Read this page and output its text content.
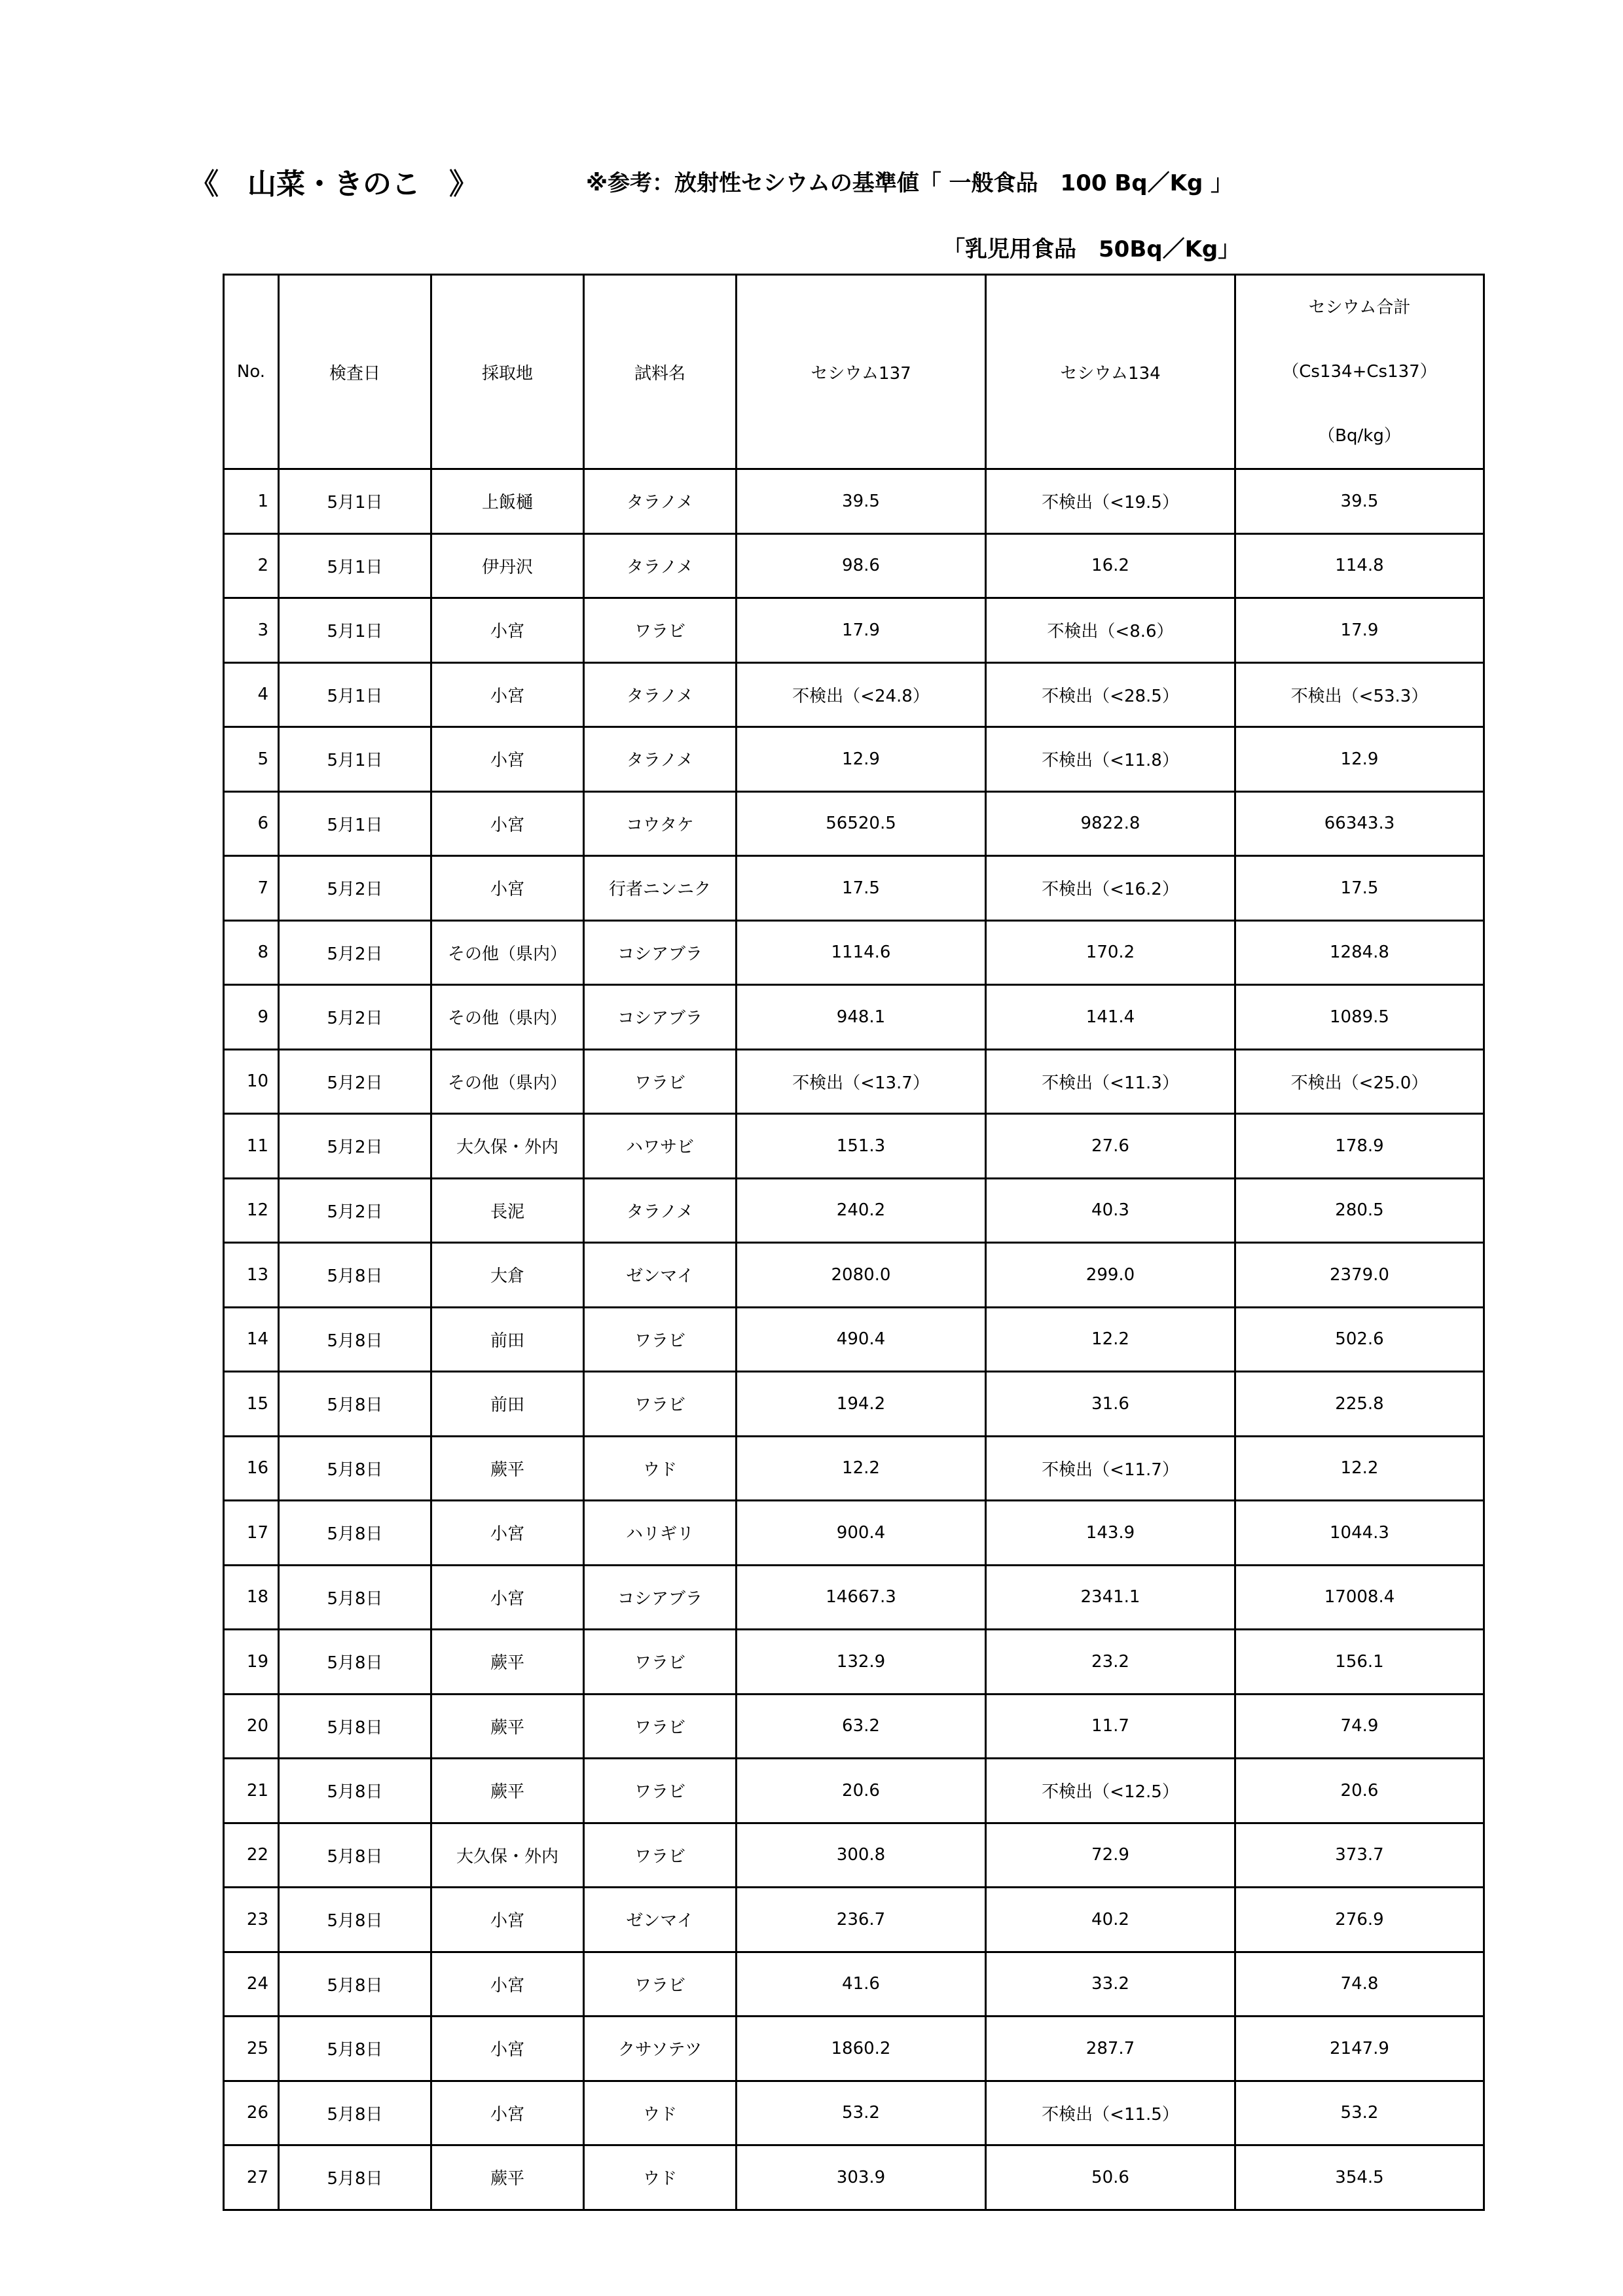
《　山菜・きのこ　》	※参考：放射性セシウムの基準値「 一般食品　100 Bq／Kg 」
「乳児用食品　50Bq／Kg」
No.	検査日	採取地	試料名	セシウム137	セシウム134	セシウム合計
（Cs134+Cs137）
（Bq/kg）

1	5月1日	上飯樋	タラノメ	39.5	不検出（<19.5）	39.5
2	5月1日	伊丹沢	タラノメ	98.6	16.2	114.8
3	5月1日	小宮	ワラビ	17.9	不検出（<8.6）	17.9
4	5月1日	小宮	タラノメ	不検出（<24.8）	不検出（<28.5）	不検出（<53.3）
5	5月1日	小宮	タラノメ	12.9	不検出（<11.8）	12.9
6	5月1日	小宮	コウタケ	56520.5	9822.8	66343.3
7	5月2日	小宮	行者ニンニク	17.5	不検出（<16.2）	17.5
8	5月2日	その他（県内）	コシアブラ	1114.6	170.2	1284.8
9	5月2日	その他（県内）	コシアブラ	948.1	141.4	1089.5
10	5月2日	その他（県内）	ワラビ	不検出（<13.7）	不検出（<11.3）	不検出（<25.0）
11	5月2日	大久保・外内	ハワサビ	151.3	27.6	178.9
12	5月2日	長泥	タラノメ	240.2	40.3	280.5
13	5月8日	大倉	ゼンマイ	2080.0	299.0	2379.0
14	5月8日	前田	ワラビ	490.4	12.2	502.6
15	5月8日	前田	ワラビ	194.2	31.6	225.8
16	5月8日	蕨平	ウド	12.2	不検出（<11.7）	12.2
17	5月8日	小宮	ハリギリ	900.4	143.9	1044.3
18	5月8日	小宮	コシアブラ	14667.3	2341.1	17008.4
19	5月8日	蕨平	ワラビ	132.9	23.2	156.1
20	5月8日	蕨平	ワラビ	63.2	11.7	74.9
21	5月8日	蕨平	ワラビ	20.6	不検出（<12.5）	20.6
22	5月8日	大久保・外内	ワラビ	300.8	72.9	373.7
23	5月8日	小宮	ゼンマイ	236.7	40.2	276.9
24	5月8日	小宮	ワラビ	41.6	33.2	74.8
25	5月8日	小宮	クサソテツ	1860.2	287.7	2147.9
26	5月8日	小宮	ウド	53.2	不検出（<11.5）	53.2
27	5月8日	蕨平	ウド	303.9	50.6	354.5
